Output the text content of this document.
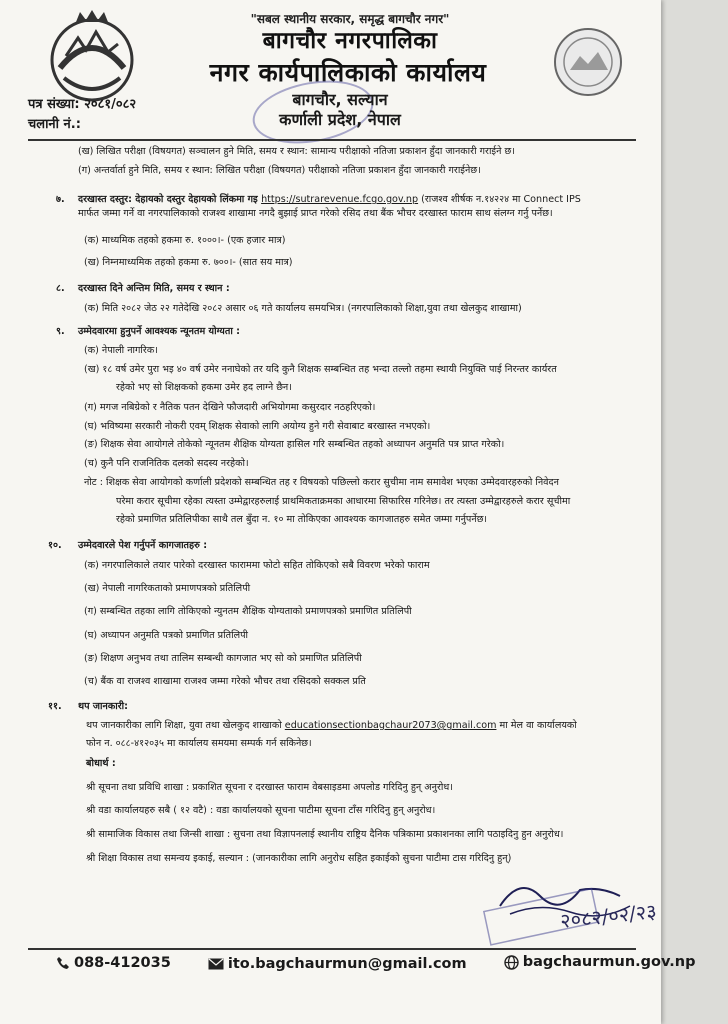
"सबल स्थानीय सरकार, समृद्ध बागचौर नगर"
बागचौर नगरपालिका
नगर कार्यपालिकाको कार्यालय
बागचौर, सल्यान
कर्णाली प्रदेश, नेपाल
पत्र संख्या: २०८१/०८२
चलानी नं.:
(ख) लिखित परीक्षा (विषयगत) सञ्चालन हुने मिति, समय र स्थान: सामान्य परीक्षाको नतिजा प्रकाशन हुँदा जानकारी गराईने छ।
(ग) अन्तर्वार्ता हुने मिति, समय र स्थान: लिखित परीक्षा (विषयगत) परीक्षाको नतिजा प्रकाशन हुँदा जानकारी गराईनेछ।
७. दरखास्त दस्तुर: देहायको दस्तुर देहायको लिंकमा गइ https://sutrarevenue.fcgo.gov.np (राजश्व शीर्षक न.१४२२४ मा Connect IPS
मार्फत जम्मा गर्ने वा नगरपालिकाको राजश्व शाखामा नगदै बुझाई प्राप्त गरेको रसिद तथा बैंक भौचर दरखास्त फाराम साथ संलग्न गर्नु पर्नेछ।
(क) माध्यमिक तहको हकमा रु. १०००।- (एक हजार मात्र)
(ख) निम्नमाध्यमिक तहको हकमा रु. ७००।- (सात सय मात्र)
८. दरखास्त दिने अन्तिम मिति, समय र स्थान :
(क) मिति २०८२ जेठ २२ गतेदेखि २०८२ असार ०६ गते कार्यालय समयभित्र। (नगरपालिकाको शिक्षा,युवा तथा खेलकुद शाखामा)
९. उम्मेदवारमा हुनुपर्ने आवश्यक न्यूनतम योग्यता :
(क) नेपाली नागरिक।
(ख) १८ वर्ष उमेर पुरा भइ ४० वर्ष उमेर ननाघेको तर यदि कुनै शिक्षक सम्बन्धित तह भन्दा तल्लो तहमा स्थायी नियुक्ति पाई निरन्तर कार्यरत
रहेको भए सो शिक्षकको हकमा उमेर हद लाग्ने छैन।
(ग) मगज नबिग्रेको र नैतिक पतन देखिने फौजदारी अभियोगमा कसुरदार नठहरिएको।
(घ) भविष्यमा सरकारी नोकरी एवम् शिक्षक सेवाको लागि अयोग्य हुने गरी सेवाबाट बरखास्त नभएको।
(ङ) शिक्षक सेवा आयोगले तोकेको न्यूनतम शैक्षिक योग्यता हासिल गरि सम्बन्धित तहको अध्यापन अनुमति पत्र प्राप्त गरेको।
(च) कुनै पनि राजनितिक दलको सदस्य नरहेको।
नोट : शिक्षक सेवा आयोगको कर्णाली प्रदेशको सम्बन्धित तह र विषयको पछिल्लो करार सुचीमा नाम समावेश भएका उम्मेदवारहरुको निवेदन
परेमा करार सूचीमा रहेका त्यस्ता उम्मेद्वारहरुलाई प्राथमिकताक्रमका आधारमा सिफारिस गरिनेछ। तर त्यस्ता उम्मेद्वारहरुले करार सूचीमा
रहेको प्रमाणित प्रतिलिपीका साथै तल बुँदा न. १० मा तोकिएका आवश्यक कागजातहरु समेत जम्मा गर्नुपर्नेछ।
१०. उम्मेदवारले पेश गर्नुपर्ने कागजातहरु :
(क) नगरपालिकाले तयार पारेको दरखास्त फाराममा फोटो सहित तोकिएको सबै विवरण भरेको फाराम
(ख) नेपाली नागरिकताको प्रमाणपत्रको प्रतिलिपी
(ग) सम्बन्धित तहका लागि तोकिएको न्युनतम शैक्षिक योग्यताको प्रमाणपत्रको प्रमाणित प्रतिलिपी
(घ) अध्यापन अनुमति पत्रको प्रमाणित प्रतिलिपी
(ङ) शिक्षण अनुभव तथा तालिम सम्बन्धी कागजात भए सो को प्रमाणित प्रतिलिपी
(च) बैंक वा राजश्व शाखामा राजश्व जम्मा गरेको भौचर तथा रसिदको सक्कल प्रति
११. थप जानकारी:
थप जानकारीका लागि शिक्षा, युवा तथा खेलकुद शाखाको educationsectionbagchaur2073@gmail.com मा मेल वा कार्यालयको
फोन न. ०८८-४१२०३५ मा कार्यालय समयमा सम्पर्क गर्न सकिनेछ।
बोधार्थ :
श्री सूचना तथा प्रविधि शाखा : प्रकाशित सूचना र दरखास्त फाराम वेबसाइडमा अपलोड गरिदिनु हुन् अनुरोध।
श्री वडा कार्यालयहरु सबै ( १२ वटै) : वडा कार्यालयको सूचना पाटीमा सूचना टाँस गरिदिनु हुन् अनुरोध।
श्री सामाजिक विकास तथा जिन्सी शाखा : सुचना तथा विज्ञापनलाई स्थानीय राष्ट्रिय दैनिक पत्रिकामा प्रकाशनका लागि पठाइदिनु हुन अनुरोध।
श्री शिक्षा विकास तथा समन्वय इकाई, सल्यान : (जानकारीका लागि अनुरोध सहित इकाईको सुचना पाटीमा टास गरिदिनु हुन्)
२०८२/०२/२३
088-412035
	ito.bagchaurmun@gmail.com
	bagchaurmun.gov.np
